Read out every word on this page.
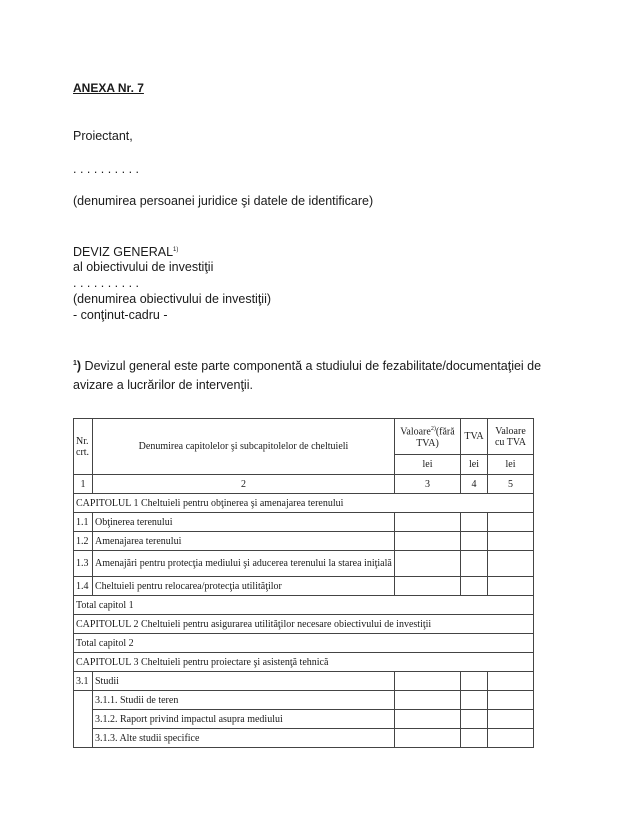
ANEXA Nr. 7
Proiectant,
. . . . . . . . . .
(denumirea persoanei juridice şi datele de identificare)
DEVIZ GENERAL$^{1)}$
al obiectivului de investiţii
. . . . . . . . . .
(denumirea obiectivului de investiţii)
- conţinut-cadru -
$^1$) Devizul general este parte componentă a studiului de fezabilitate/documentaţiei de avizare a lucrărilor de intervenţii.
Nr. crt.	Denumirea capitolelor şi subcapitolelor de cheltuieli	Valoare$^{2)}$(fără TVA)	TVA	Valoare cu TVA
		lei	lei	lei
1	2	3	4	5
CAPITOLUL 1 Cheltuieli pentru obţinerea şi amenajarea terenului				
1.1	Obţinerea terenului			
1.2	Amenajarea terenului			
1.3	Amenajări pentru protecţia mediului şi aducerea terenului la starea iniţială			
1.4	Cheltuieli pentru relocarea/protecţia utilităţilor			
Total capitol 1				
CAPITOLUL 2 Cheltuieli pentru asigurarea utilităţilor necesare obiectivului de investiţii				
Total capitol 2				
CAPITOLUL 3 Cheltuieli pentru proiectare şi asistenţă tehnică				
3.1	Studii			
	3.1.1. Studii de teren			
	3.1.2. Raport privind impactul asupra mediului			
	3.1.3. Alte studii specifice			
